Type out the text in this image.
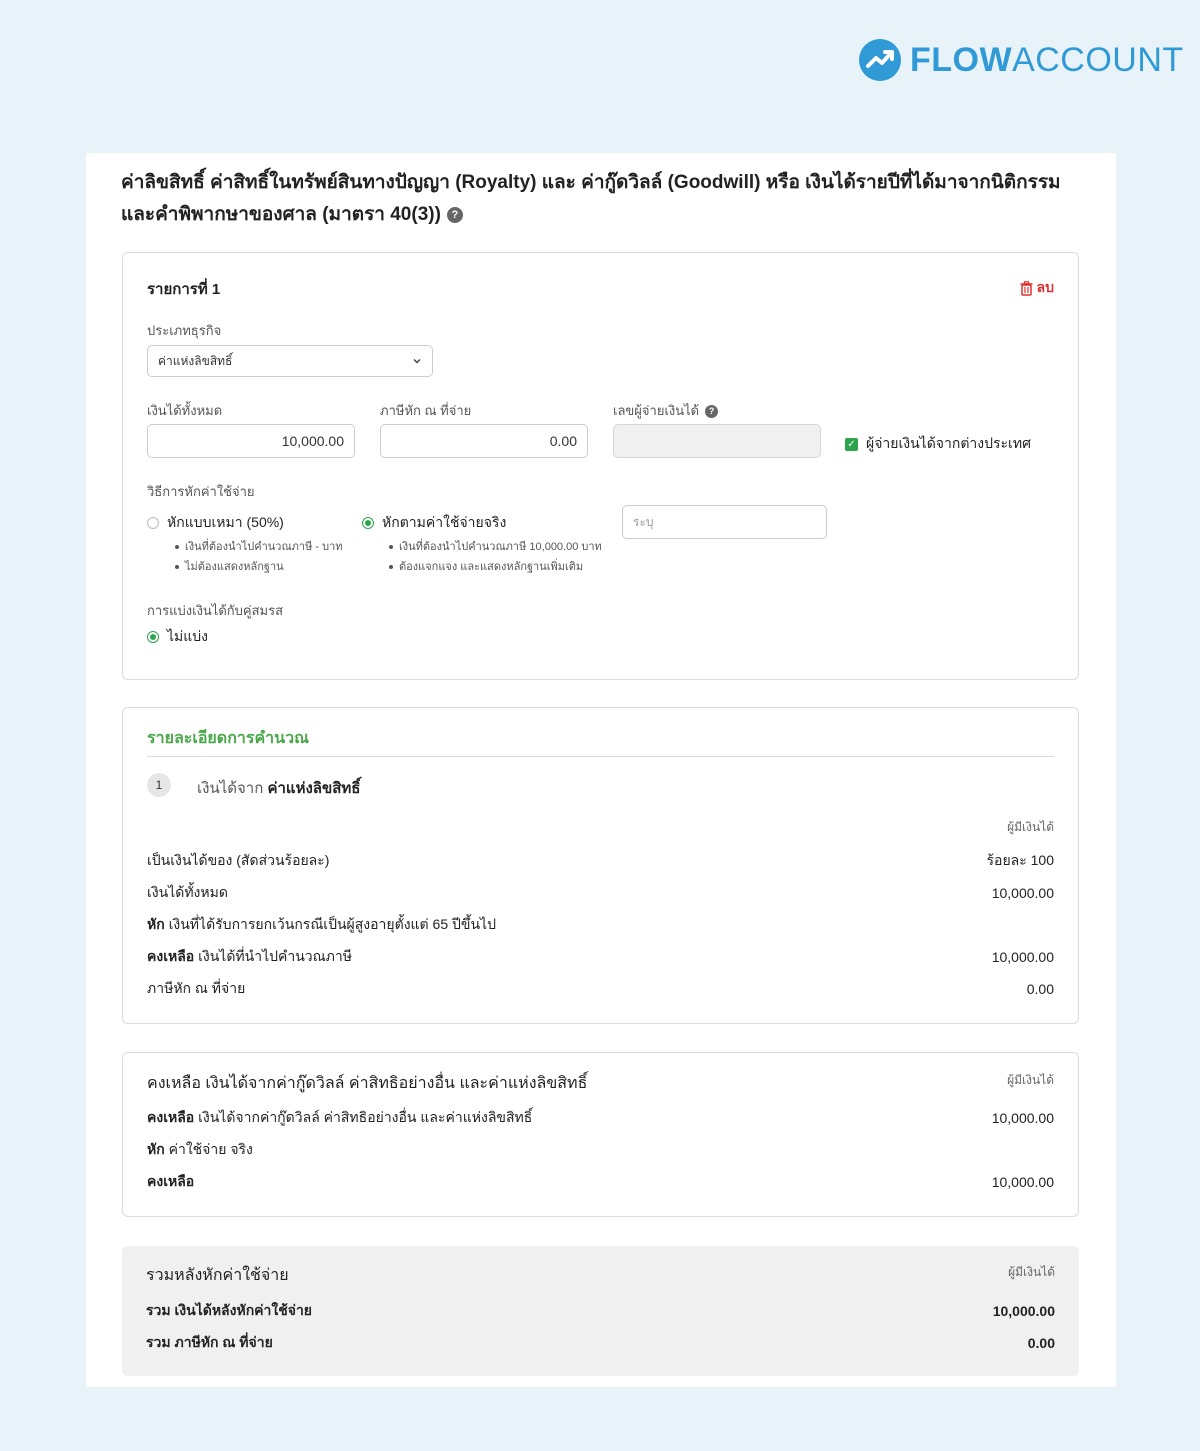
FLOWACCOUNT
ค่าลิขสิทธิ์ ค่าสิทธิ์ในทรัพย์สินทางปัญญา (Royalty) และ ค่ากู๊ดวิลล์ (Goodwill) หรือ เงินได้รายปีที่ได้มาจากนิติกรรม และคำพิพากษาของศาล (มาตรา 40(3)) ?
รายการที่ 1	ลบ
ประเภทธุรกิจ
ค่าแห่งลิขสิทธิ์
เงินได้ทั้งหมด
10,000.00
ภาษีหัก ณ ที่จ่าย
0.00
เลขผู้จ่ายเงินได้ ?
✓ ผู้จ่ายเงินได้จากต่างประเทศ
วิธีการหักค่าใช้จ่าย
หักแบบเหมา (50%)
เงินที่ต้องนำไปคำนวณภาษี - บาท
ไม่ต้องแสดงหลักฐาน
หักตามค่าใช้จ่ายจริง
เงินที่ต้องนำไปคำนวณภาษี 10,000.00 บาท
ต้องแจกแจง และแสดงหลักฐานเพิ่มเติม
ระบุ
การแบ่งเงินได้กับคู่สมรส
ไม่แบ่ง
รายละเอียดการคำนวณ
1	เงินได้จาก ค่าแห่งลิขสิทธิ์
ผู้มีเงินได้
เป็นเงินได้ของ (สัดส่วนร้อยละ)	ร้อยละ 100
เงินได้ทั้งหมด	10,000.00
หัก เงินที่ได้รับการยกเว้นกรณีเป็นผู้สูงอายุตั้งแต่ 65 ปีขึ้นไป
คงเหลือ เงินได้ที่นำไปคำนวณภาษี	10,000.00
ภาษีหัก ณ ที่จ่าย	0.00
คงเหลือ เงินได้จากค่ากู๊ดวิลล์ ค่าสิทธิอย่างอื่น และค่าแห่งลิขสิทธิ์	ผู้มีเงินได้
คงเหลือ เงินได้จากค่ากู๊ดวิลล์ ค่าสิทธิอย่างอื่น และค่าแห่งลิขสิทธิ์	10,000.00
หัก ค่าใช้จ่าย จริง
คงเหลือ	10,000.00
รวมหลังหักค่าใช้จ่าย	ผู้มีเงินได้
รวม เงินได้หลังหักค่าใช้จ่าย	10,000.00
รวม ภาษีหัก ณ ที่จ่าย	0.00
